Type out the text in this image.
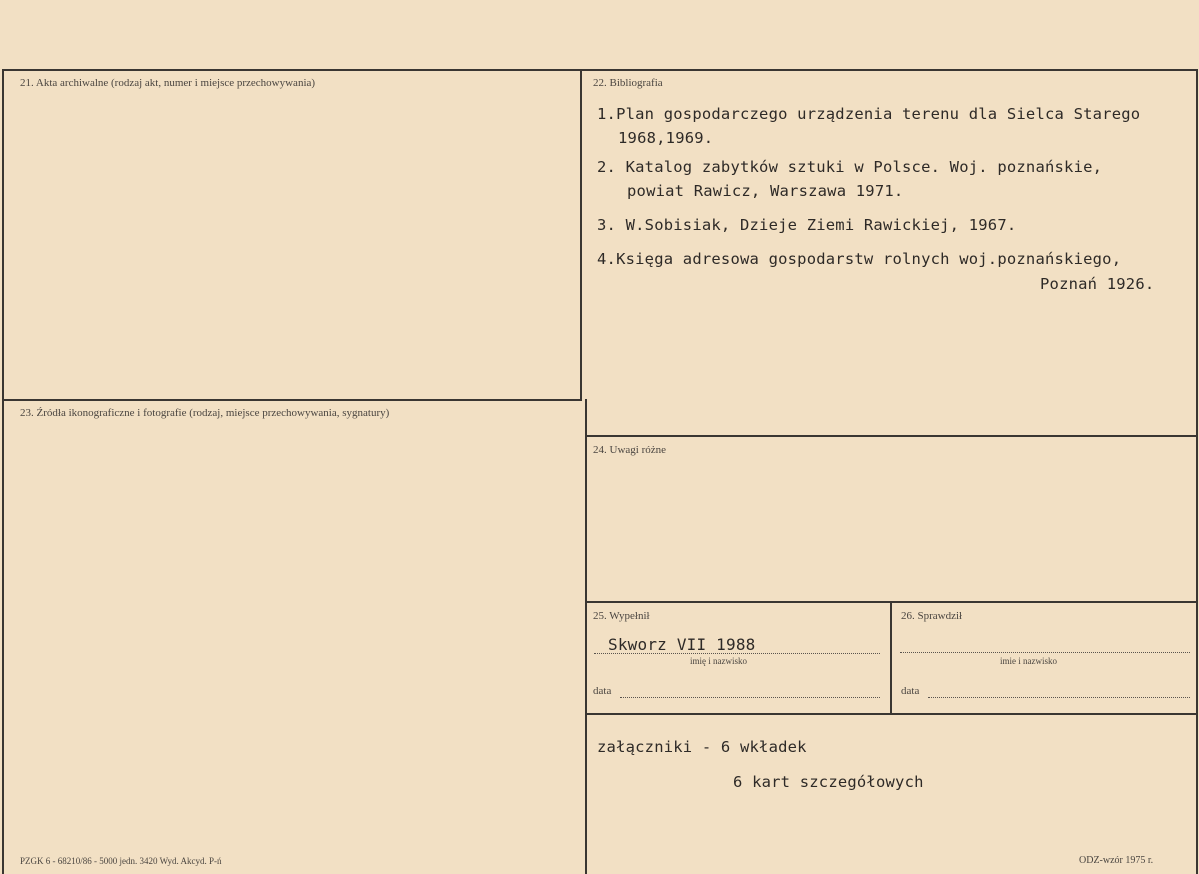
21. Akta archiwalne (rodzaj akt, numer i miejsce przechowywania)	22. Bibliografia
1.Plan gospodarczego urządzenia terenu dla Sielca Starego
1968,1969.
2. Katalog zabytków sztuki w Polsce. Woj. poznańskie,
powiat Rawicz, Warszawa 1971.
3. W.Sobisiak, Dzieje Ziemi Rawickiej, 1967.
4.Księga adresowa gospodarstw rolnych woj.poznańskiego,
Poznań 1926.
23. Źródła ikonograficzne i fotografie (rodzaj, miejsce przechowywania, sygnatury)
24. Uwagi różne
25. Wypełnił
Skworz VII 1988
imię i nazwisko
data
26. Sprawdził
imie i nazwisko
data
załączniki - 6 wkładek
6 kart szczegółowych
PZGK 6 - 68210/86 - 5000 jedn. 3420 Wyd. Akcyd. P-ń	ODZ-wzór 1975 r.
